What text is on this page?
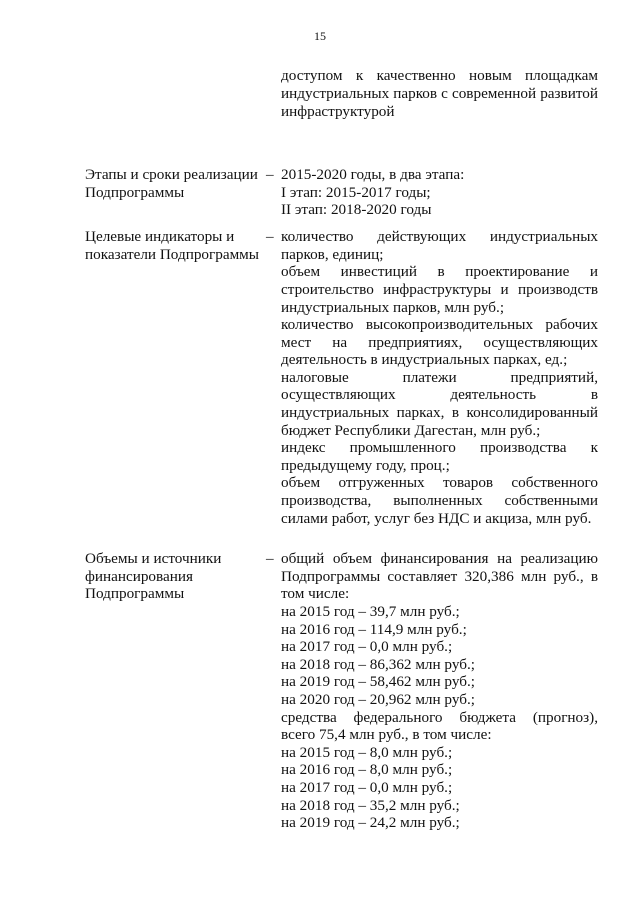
15
доступом к качественно новым площадкам
индустриальных парков с современной развитой
инфраструктурой
Этапы и сроки реализации
Подпрограммы
– 2015-2020 годы, в два этапа:
I этап: 2015-2017 годы;
II этап: 2018-2020 годы
Целевые индикаторы и
показатели Подпрограммы
– количество действующих индустриальных
парков, единиц;
объем инвестиций в проектирование и
строительство инфраструктуры и производств
индустриальных парков, млн руб.;
количество высокопроизводительных рабочих
мест на предприятиях, осуществляющих
деятельность в индустриальных парках, ед.;
налоговые платежи предприятий,
осуществляющих деятельность в
индустриальных парках, в консолидированный
бюджет Республики Дагестан, млн руб.;
индекс промышленного производства к
предыдущему году, проц.;
объем отгруженных товаров собственного
производства, выполненных собственными
силами работ, услуг без НДС и акциза, млн руб.
Объемы и источники
финансирования
Подпрограммы
– общий объем финансирования на реализацию
Подпрограммы составляет 320,386 млн руб., в
том числе:
на 2015 год – 39,7 млн руб.;
на 2016 год – 114,9 млн руб.;
на 2017 год – 0,0 млн руб.;
на 2018 год – 86,362 млн руб.;
на 2019 год – 58,462 млн руб.;
на 2020 год – 20,962 млн руб.;
средства федерального бюджета (прогноз),
всего 75,4 млн руб., в том числе:
на 2015 год – 8,0 млн руб.;
на 2016 год – 8,0 млн руб.;
на 2017 год – 0,0 млн руб.;
на 2018 год – 35,2 млн руб.;
на 2019 год – 24,2 млн руб.;
